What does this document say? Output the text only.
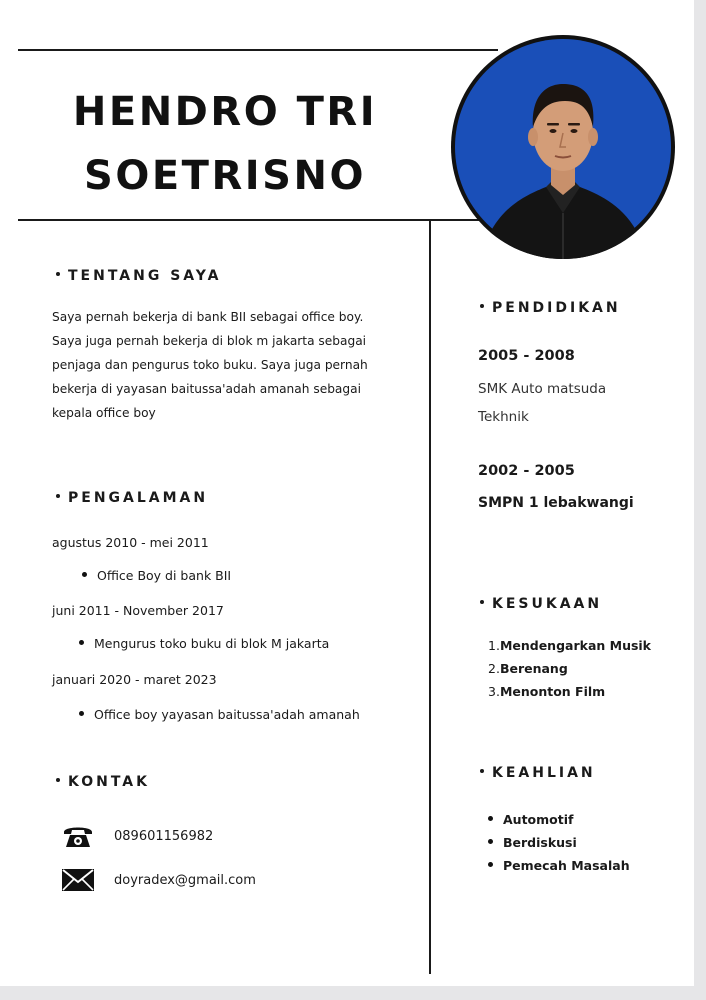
HENDRO TRI
SOETRISNO
TENTANG SAYA
Saya pernah bekerja di bank BII sebagai office boy.
Saya juga pernah bekerja di blok m jakarta sebagai
penjaga dan pengurus toko buku. Saya juga pernah
bekerja di yayasan baitussa'adah amanah sebagai
kepala office boy
PENGALAMAN
agustus 2010 - mei 2011
Office Boy di bank BII
juni 2011 - November 2017
Mengurus toko buku di blok M jakarta
januari 2020 - maret 2023
Office boy yayasan baitussa'adah amanah
KONTAK
089601156982
doyradex@gmail.com
PENDIDIKAN
2005 - 2008
SMK Auto matsuda Tekhnik
2002 - 2005
SMPN 1 lebakwangi
KESUKAAN
1.Mendengarkan Musik
2.Berenang
3.Menonton Film
KEAHLIAN
Automotif
Berdiskusi
Pemecah Masalah
